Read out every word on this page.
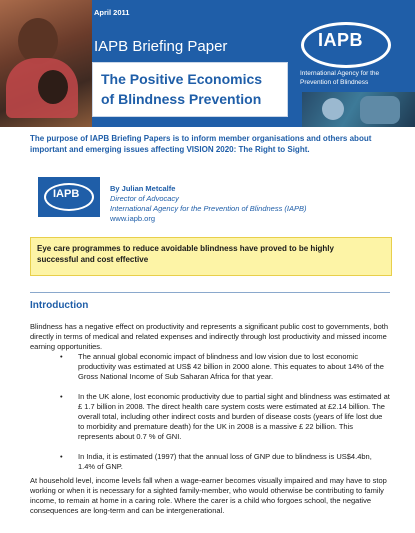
April 2011
IAPB Briefing Paper
The Positive Economics
of Blindness Prevention
IAPB
International Agency for the
Prevention of Blindness
The purpose of IAPB Briefing Papers is to inform member organisations and others about important and emerging issues affecting VISION 2020: The Right to Sight.
IAPB	By Julian Metcalfe
Director of Advocacy
International Agency for the Prevention of Blindness (IAPB)
www.iapb.org
Eye care programmes to reduce avoidable blindness have proved to be highly successful and cost effective
Introduction
Blindness has a negative effect on productivity and represents a significant public cost to governments, both directly in terms of medical and related expenses and indirectly through lost productivity and missed income earning opportunities.
• The annual global economic impact of blindness and low vision due to lost economic productivity was estimated at US$ 42 billion in 2000 alone. This equates to about 14% of the Gross National Income of Sub Saharan Africa for that year.
• In the UK alone, lost economic productivity due to partial sight and blindness was estimated at £ 1.7 billion in 2008. The direct health care system costs were estimated at £2.14 billion. The overall total, including other indirect costs and burden of disease costs (years of life lost due to morbidity and premature death) for the UK in 2008 is a massive £ 22 billion. This represents about 0.7 % of GNI.
• In India, it is estimated (1997) that the annual loss of GNP due to blindness is US$4.4bn, 1.4% of GNP.
At household level, income levels fall when a wage-earner becomes visually impaired and may have to stop working or when it is necessary for a sighted family-member, who would otherwise be contributing to family income, to remain at home in a caring role. Where the carer is a child who forgoes school, the negative consequences are long-term and can be intergenerational.
